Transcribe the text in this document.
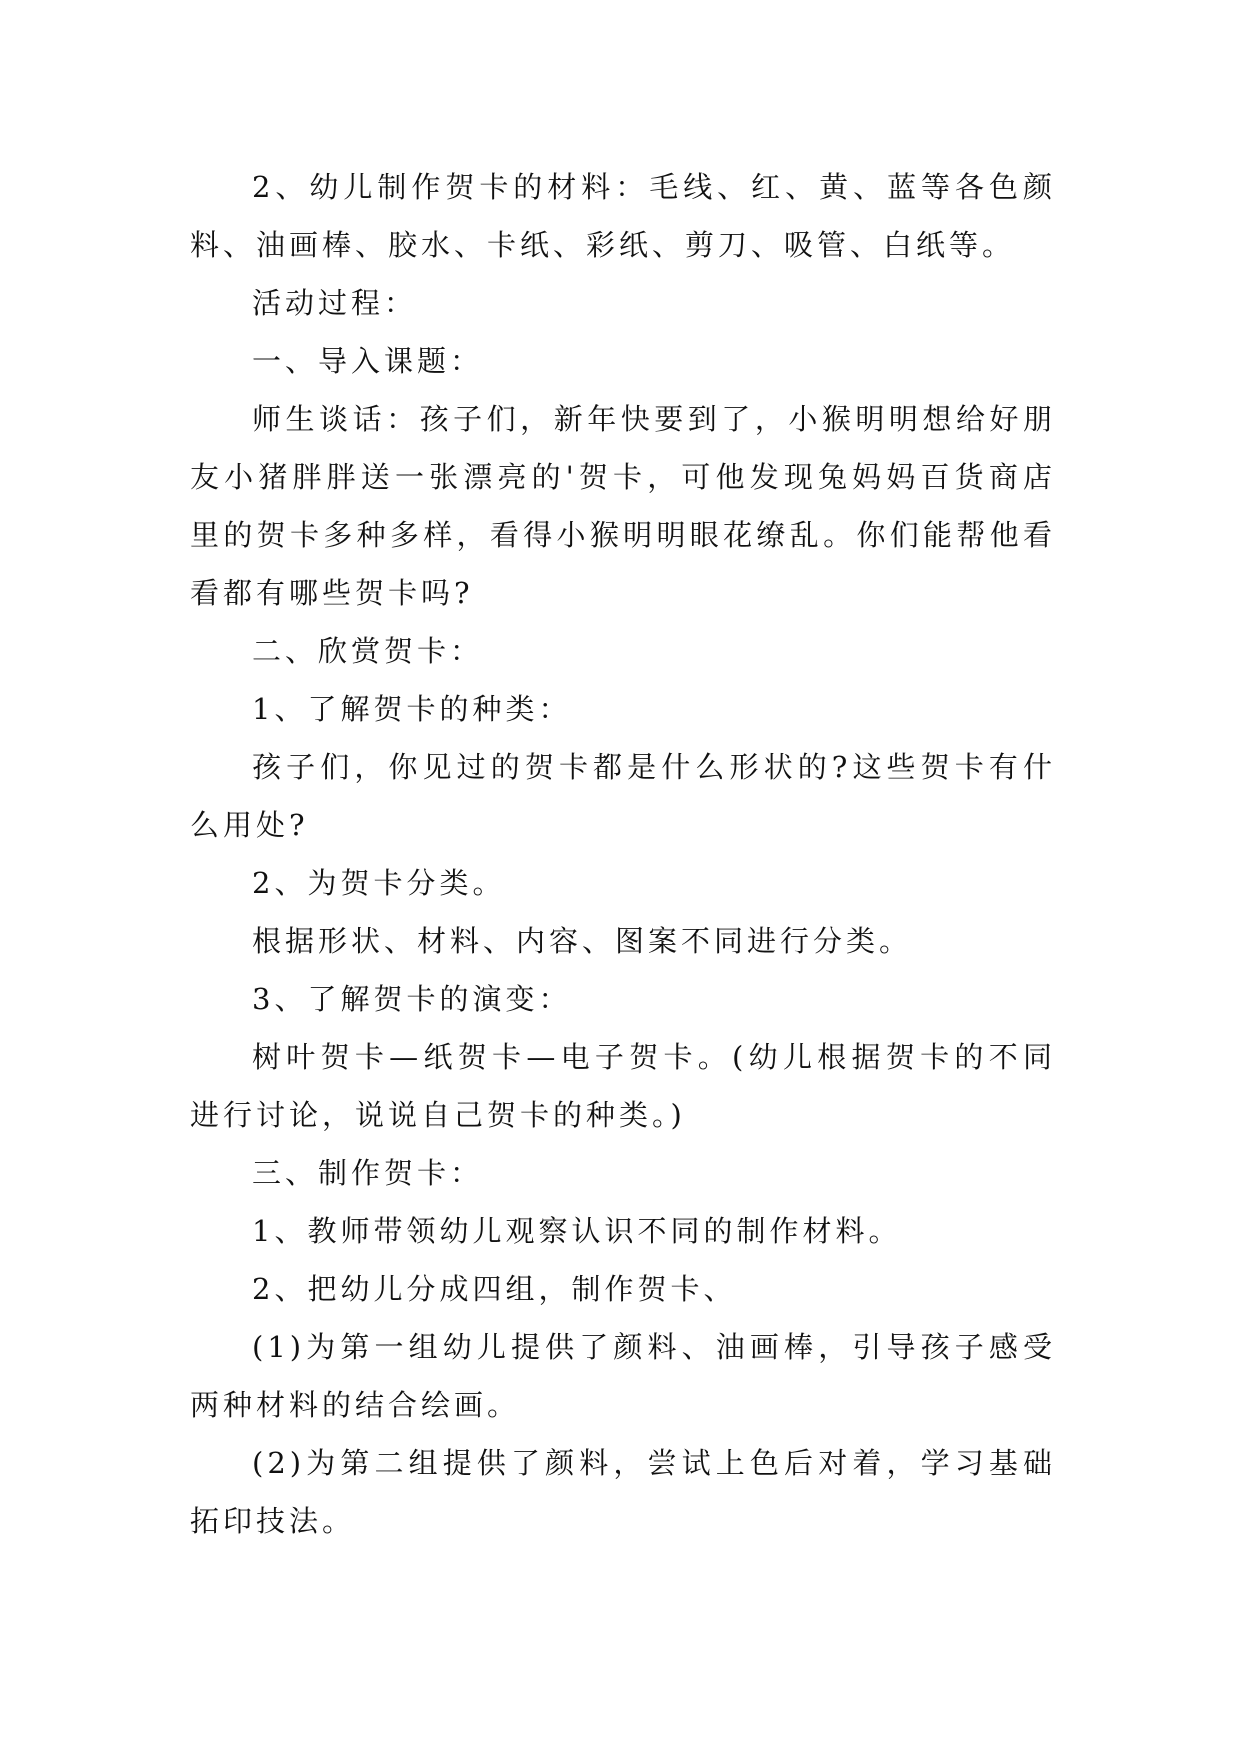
2、幼儿制作贺卡的材料：毛线、红、黄、蓝等各色颜料、油画棒、胶水、卡纸、彩纸、剪刀、吸管、白纸等。

活动过程：

一、导入课题：

师生谈话：孩子们，新年快要到了，小猴明明想给好朋友小猪胖胖送一张漂亮的'贺卡，可他发现兔妈妈百货商店里的贺卡多种多样，看得小猴明明眼花缭乱。你们能帮他看看都有哪些贺卡吗?

二、欣赏贺卡：

1、了解贺卡的种类：

孩子们，你见过的贺卡都是什么形状的?这些贺卡有什么用处?

2、为贺卡分类。

根据形状、材料、内容、图案不同进行分类。

3、了解贺卡的演变：

树叶贺卡—纸贺卡—电子贺卡。(幼儿根据贺卡的不同进行讨论，说说自己贺卡的种类。)

三、制作贺卡：

1、教师带领幼儿观察认识不同的制作材料。

2、把幼儿分成四组，制作贺卡、

(1)为第一组幼儿提供了颜料、油画棒，引导孩子感受两种材料的结合绘画。

(2)为第二组提供了颜料，尝试上色后对着，学习基础拓印技法。
